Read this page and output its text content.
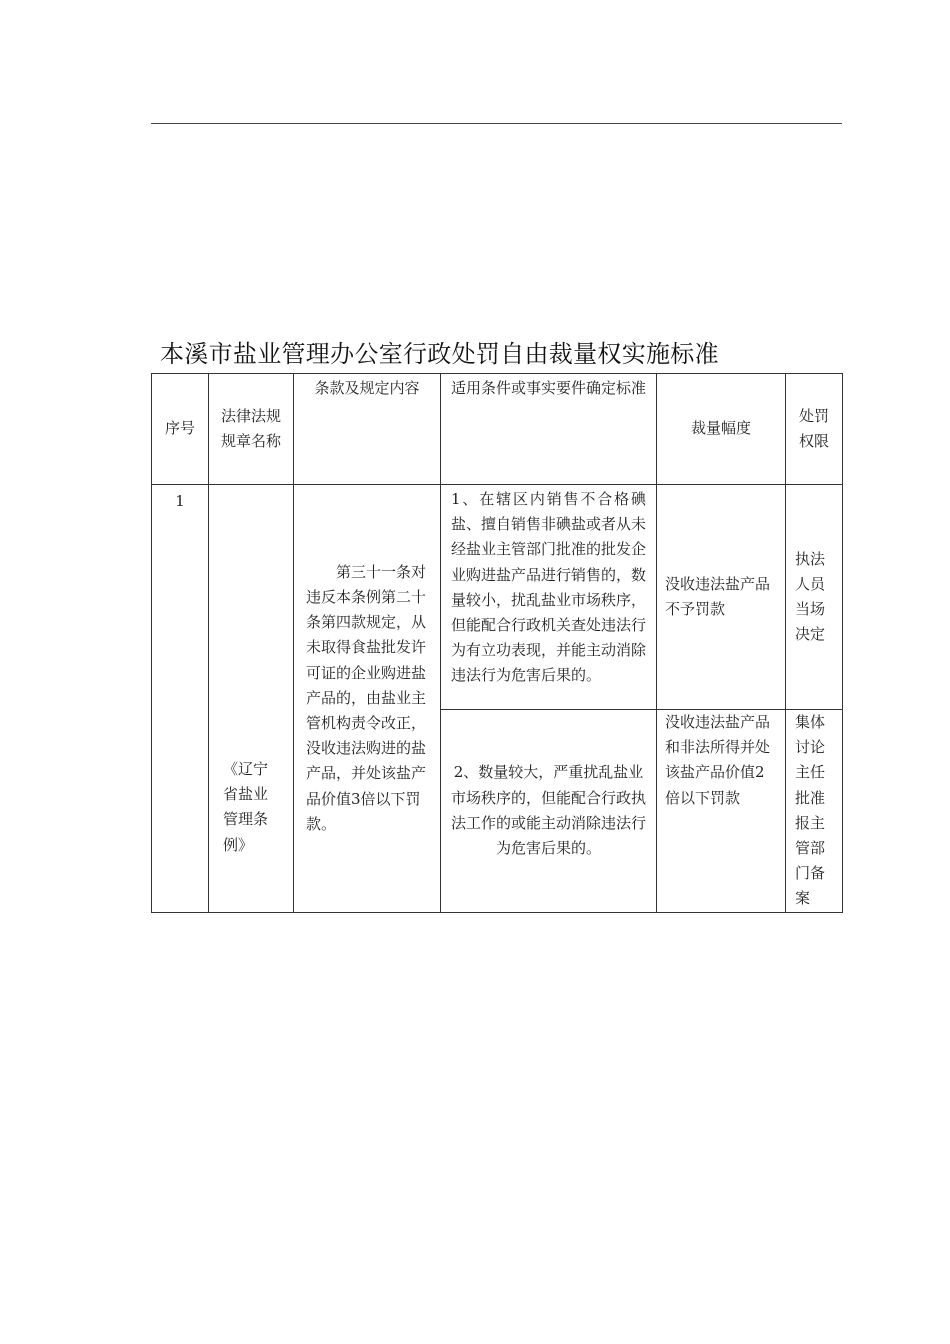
本溪市盐业管理办公室行政处罚自由裁量权实施标准
序号	法律法规规章名称	条款及规定内容	适用条件或事实要件确定标准	裁量幅度	处罚权限
1	《辽宁省盐业管理条例》	第三十一条对违反本条例第二十条第四款规定，从未取得食盐批发许可证的企业购进盐产品的，由盐业主管机构责令改正，没收违法购进的盐产品，并处该盐产品价值3倍以下罚款。	1、在辖区内销售不合格碘盐、擅自销售非碘盐或者从未经盐业主管部门批准的批发企业购进盐产品进行销售的，数量较小，扰乱盐业市场秩序，但能配合行政机关查处违法行为有立功表现，并能主动消除违法行为危害后果的。	没收违法盐产品不予罚款	执法人员当场决定
			2、数量较大，严重扰乱盐业市场秩序的，但能配合行政执法工作的或能主动消除违法行为危害后果的。	没收违法盐产品和非法所得并处该盐产品价值2倍以下罚款	集体讨论主任批准报主管部门备案
